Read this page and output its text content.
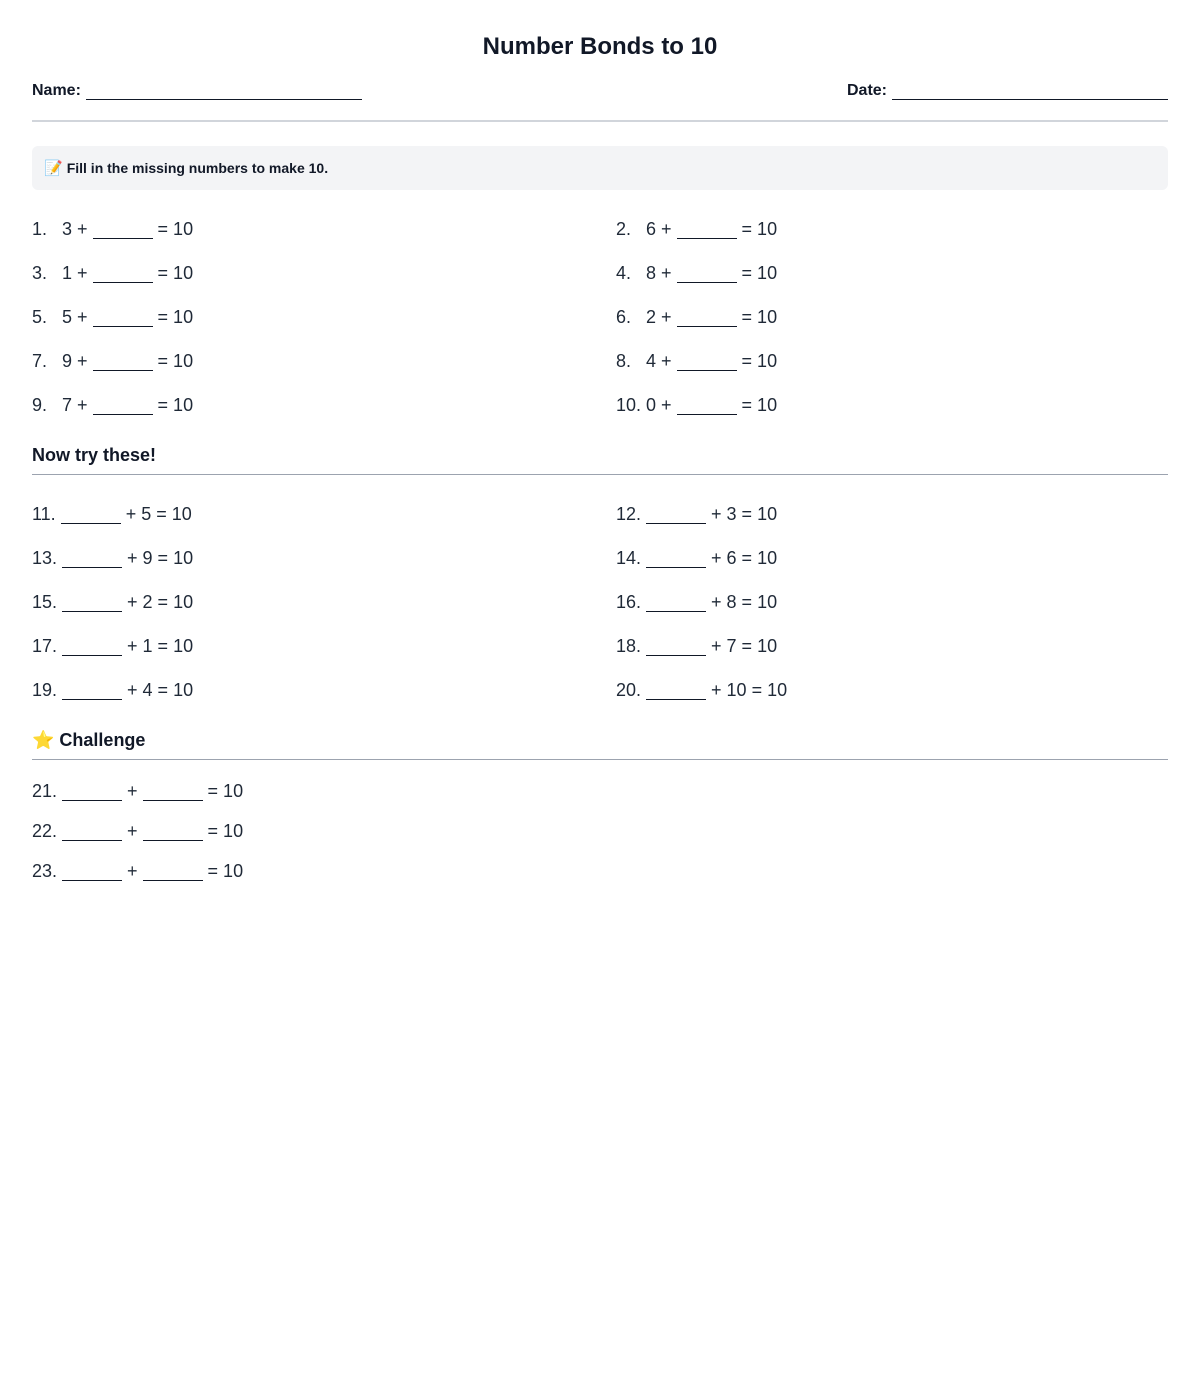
Number Bonds to 10
Name:	Date:
📝 Fill in the missing numbers to make 10.
1. 3
+	= 10	2. 6
+	= 10
3. 1
+	= 10	4. 8
+	= 10
5. 5
+	= 10	6. 2
+	= 10
7. 9
+	= 10	8. 4
+	= 10
9. 7
+	= 10	10. 0
+	= 10
Now try these!
11.	+ 5 = 10	12.	+ 3 = 10
13.	+ 9 = 10	14.	+ 6 = 10
15.	+ 2 = 10	16.	+ 8 = 10
17.	+ 1 = 10	18.	+ 7 = 10
19.	+ 4 = 10	20.	+ 10 = 10
⭐ Challenge
21.	+	= 10
22.	+	= 10
23.	+	= 10
